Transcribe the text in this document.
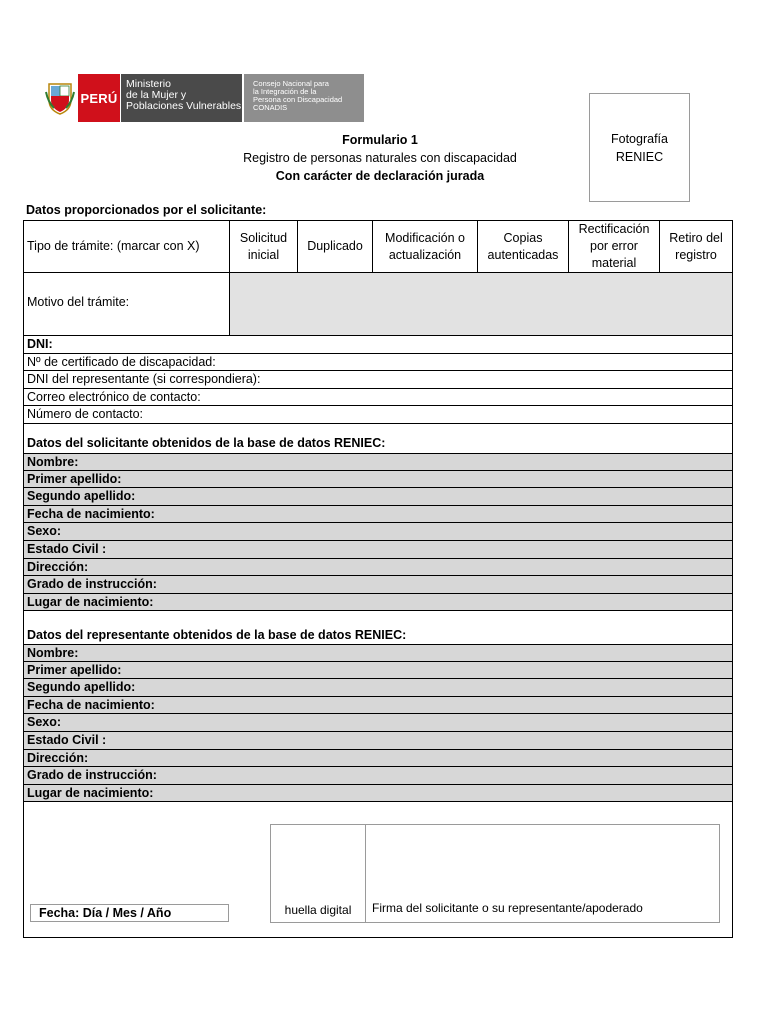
PERÚ
Ministerio
de la Mujer y
Poblaciones Vulnerables
Consejo Nacional para
la Integración de la
Persona con Discapacidad
CONADIS
Formulario 1
Registro de personas naturales con discapacidad
Con carácter de declaración jurada
Fotografía
RENIEC
Datos proporcionados por el solicitante:
Tipo de trámite: (marcar con X)
Solicitud
inicial
Duplicado
Modificación o
actualización
Copias
autenticadas
Rectificación
por error
material
Retiro del
registro
Motivo del trámite:
DNI:
Nº de certificado de discapacidad:
DNI del representante (si correspondiera):
Correo electrónico de contacto:
Número de contacto:
Datos del solicitante obtenidos de la base de datos RENIEC:
Nombre:
Primer apellido:
Segundo apellido:
Fecha de nacimiento:
Sexo:
Estado Civil :
Dirección:
Grado de instrucción:
Lugar de nacimiento:
Datos del representante obtenidos de la base de datos RENIEC:
Nombre:
Primer apellido:
Segundo apellido:
Fecha de nacimiento:
Sexo:
Estado Civil :
Dirección:
Grado de instrucción:
Lugar de nacimiento:
Fecha: Día / Mes / Año	huella digital Firma del solicitante o su representante/apoderado
